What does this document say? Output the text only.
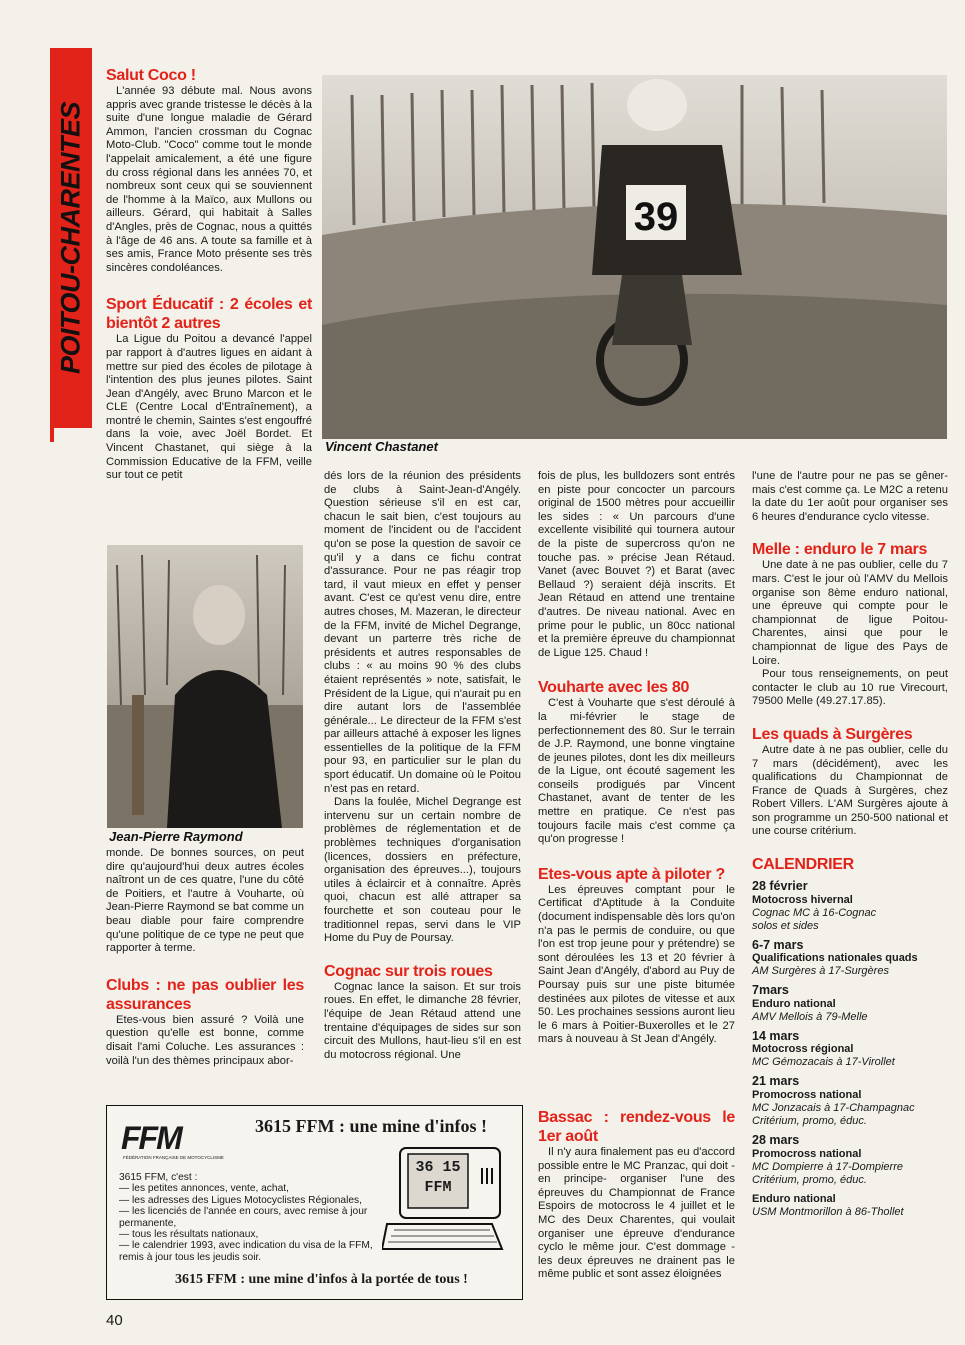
POITOU-CHARENTES
Salut Coco !

L'année 93 débute mal. Nous avons appris avec grande tristesse le décès à la suite d'une longue maladie de Gérard Ammon, l'ancien crossman du Cognac Moto-Club. "Coco" comme tout le monde l'appelait amicalement, a été une figure du cross régional dans les années 70, et nombreux sont ceux qui se souviennent de l'homme à la Maïco, aux Mullons ou ailleurs. Gérard, qui habitait à Salles d'Angles, près de Cognac, nous a quittés à l'âge de 46 ans. A toute sa famille et à ses amis, France Moto présente ses très sincères condoléances.

Sport Éducatif : 2 écoles et bientôt 2 autres

La Ligue du Poitou a devancé l'appel par rapport à d'autres ligues en aidant à mettre sur pied des écoles de pilotage à l'intention des plus jeunes pilotes. Saint Jean d'Angély, avec Bruno Marcon et le CLE (Centre Local d'Entraînement), a montré le chemin, Saintes s'est engouffré dans la voie, avec Joël Bordet. Et Vincent Chastanet, qui siège à la Commission Educative de la FFM, veille sur tout ce petit

Jean-Pierre Raymond

monde. De bonnes sources, on peut dire qu'aujourd'hui deux autres écoles naîtront un de ces quatre, l'une du côté de Poitiers, et l'autre à Vouharte, où Jean-Pierre Raymond se bat comme un beau diable pour faire comprendre qu'une politique de ce type ne peut que rapporter à terme.

Clubs : ne pas oublier les assurances

Etes-vous bien assuré ? Voilà une question qu'elle est bonne, comme disait l'ami Coluche. Les assurances : voilà l'un des thèmes principaux abor-

39
Vincent Chastanet

dés lors de la réunion des présidents de clubs à Saint-Jean-d'Angély. Question sérieuse s'il en est car, chacun le sait bien, c'est toujours au moment de l'incident ou de l'accident qu'on se pose la question de savoir ce qu'il y a dans ce fichu contrat d'assurance. Pour ne pas réagir trop tard, il vaut mieux en effet y penser avant. C'est ce qu'est venu dire, entre autres choses, M. Mazeran, le directeur de la FFM, invité de Michel Degrange, devant un parterre très riche de présidents et autres responsables de clubs : « au moins 90 % des clubs étaient représentés » note, satisfait, le Président de la Ligue, qui n'aurait pu en dire autant lors de l'assemblée générale... Le directeur de la FFM s'est par ailleurs attaché à exposer les lignes essentielles de la politique de la FFM pour 93, en particulier sur le plan du sport éducatif. Un domaine où le Poitou n'est pas en retard.

Dans la foulée, Michel Degrange est intervenu sur un certain nombre de problèmes de réglementation et de problèmes techniques d'organisation (licences, dossiers en préfecture, organisation des épreuves...), toujours utiles à éclaircir et à connaître. Après quoi, chacun est allé attraper sa fourchette et son couteau pour le traditionnel repas, servi dans le VIP Home du Puy de Poursay.

Cognac sur trois roues

Cognac lance la saison. Et sur trois roues. En effet, le dimanche 28 février, l'équipe de Jean Rétaud attend une trentaine d'équipages de sides sur son circuit des Mullons, haut-lieu s'il en est du motocross régional. Une

fois de plus, les bulldozers sont entrés en piste pour concocter un parcours original de 1500 mètres pour accueillir les sides : « Un parcours d'une excellente visibilité qui tournera autour de la piste de supercross qu'on ne touche pas. » précise Jean Rétaud. Vanet (avec Bouvet ?) et Barat (avec Bellaud ?) seraient déjà inscrits. Et Jean Rétaud en attend une trentaine d'autres. De niveau national. Avec en prime pour le public, un 80cc national et la première épreuve du championnat de Ligue 125. Chaud !

Vouharte avec les 80

C'est à Vouharte que s'est déroulé à la mi-février le stage de perfectionnement des 80. Sur le terrain de J.P. Raymond, une bonne vingtaine de jeunes pilotes, dont les dix meilleurs de la Ligue, ont écouté sagement les conseils prodigués par Vincent Chastanet, avant de tenter de les mettre en pratique. Ce n'est pas toujours facile mais c'est comme ça qu'on progresse !

Etes-vous apte à piloter ?

Les épreuves comptant pour le Certificat d'Aptitude à la Conduite (document indispensable dès lors qu'on n'a pas le permis de conduire, ou que l'on est trop jeune pour y prétendre) se sont déroulées les 13 et 20 février à Saint Jean d'Angély, d'abord au Puy de Poursay puis sur une piste bitumée destinées aux pilotes de vitesse et aux 50. Les prochaines sessions auront lieu le 6 mars à Poitier-Buxerolles et le 27 mars à nouveau à St Jean d'Angély.

Bassac : rendez-vous le 1er août

Il n'y aura finalement pas eu d'accord possible entre le MC Pranzac, qui doit -en principe- organiser l'une des épreuves du Championnat de France Espoirs de motocross le 4 juillet et le MC des Deux Charentes, qui voulait organiser une épreuve d'endurance cyclo le même jour. C'est dommage -les deux épreuves ne drainent pas le même public et sont assez éloignées

l'une de l'autre pour ne pas se gêner- mais c'est comme ça. Le M2C a retenu la date du 1er août pour organiser ses 6 heures d'endurance cyclo vitesse.

Melle : enduro le 7 mars

Une date à ne pas oublier, celle du 7 mars. C'est le jour où l'AMV du Mellois organise son 8ème enduro national, une épreuve qui compte pour le championnat de ligue Poitou-Charentes, ainsi que pour le championnat de ligue des Pays de Loire.

Pour tous renseignements, on peut contacter le club au 10 rue Virecourt, 79500 Melle (49.27.17.85).

Les quads à Surgères

Autre date à ne pas oublier, celle du 7 mars (décidément), avec les qualifications du Championnat de France de Quads à Surgères, chez Robert Villers. L'AM Surgères ajoute à son programme un 250-500 national et une course critérium.

CALENDRIER
28 février
Motocross hivernal
Cognac MC à 16-Cognac
solos et sides
6-7 mars
Qualifications nationales quads
AM Surgères à 17-Surgères
7mars
Enduro national
AMV Mellois à 79-Melle
14 mars
Motocross régional
MC Gémozacais à 17-Virollet
21 mars
Promocross national
MC Jonzacais à 17-Champagnac
Critérium, promo, éduc.
28 mars
Promocross national
MC Dompierre à 17-Dompierre
Critérium, promo, éduc.
Enduro national
USM Montmorillon à 86-Thollet
FFM
FÉDÉRATION FRANÇAISE DE MOTOCYCLISME
3615 FFM : une mine d'infos !
3615 FFM, c'est :
— les petites annonces, vente, achat,
— les adresses des Ligues Motocyclistes Régionales,
— les licenciés de l'année en cours, avec remise à jour permanente,
— tous les résultats nationaux,
— le calendrier 1993, avec indication du visa de la FFM, remis à jour tous les jeudis soir.
36 15
FFM
3615 FFM : une mine d'infos à la portée de tous !
40
